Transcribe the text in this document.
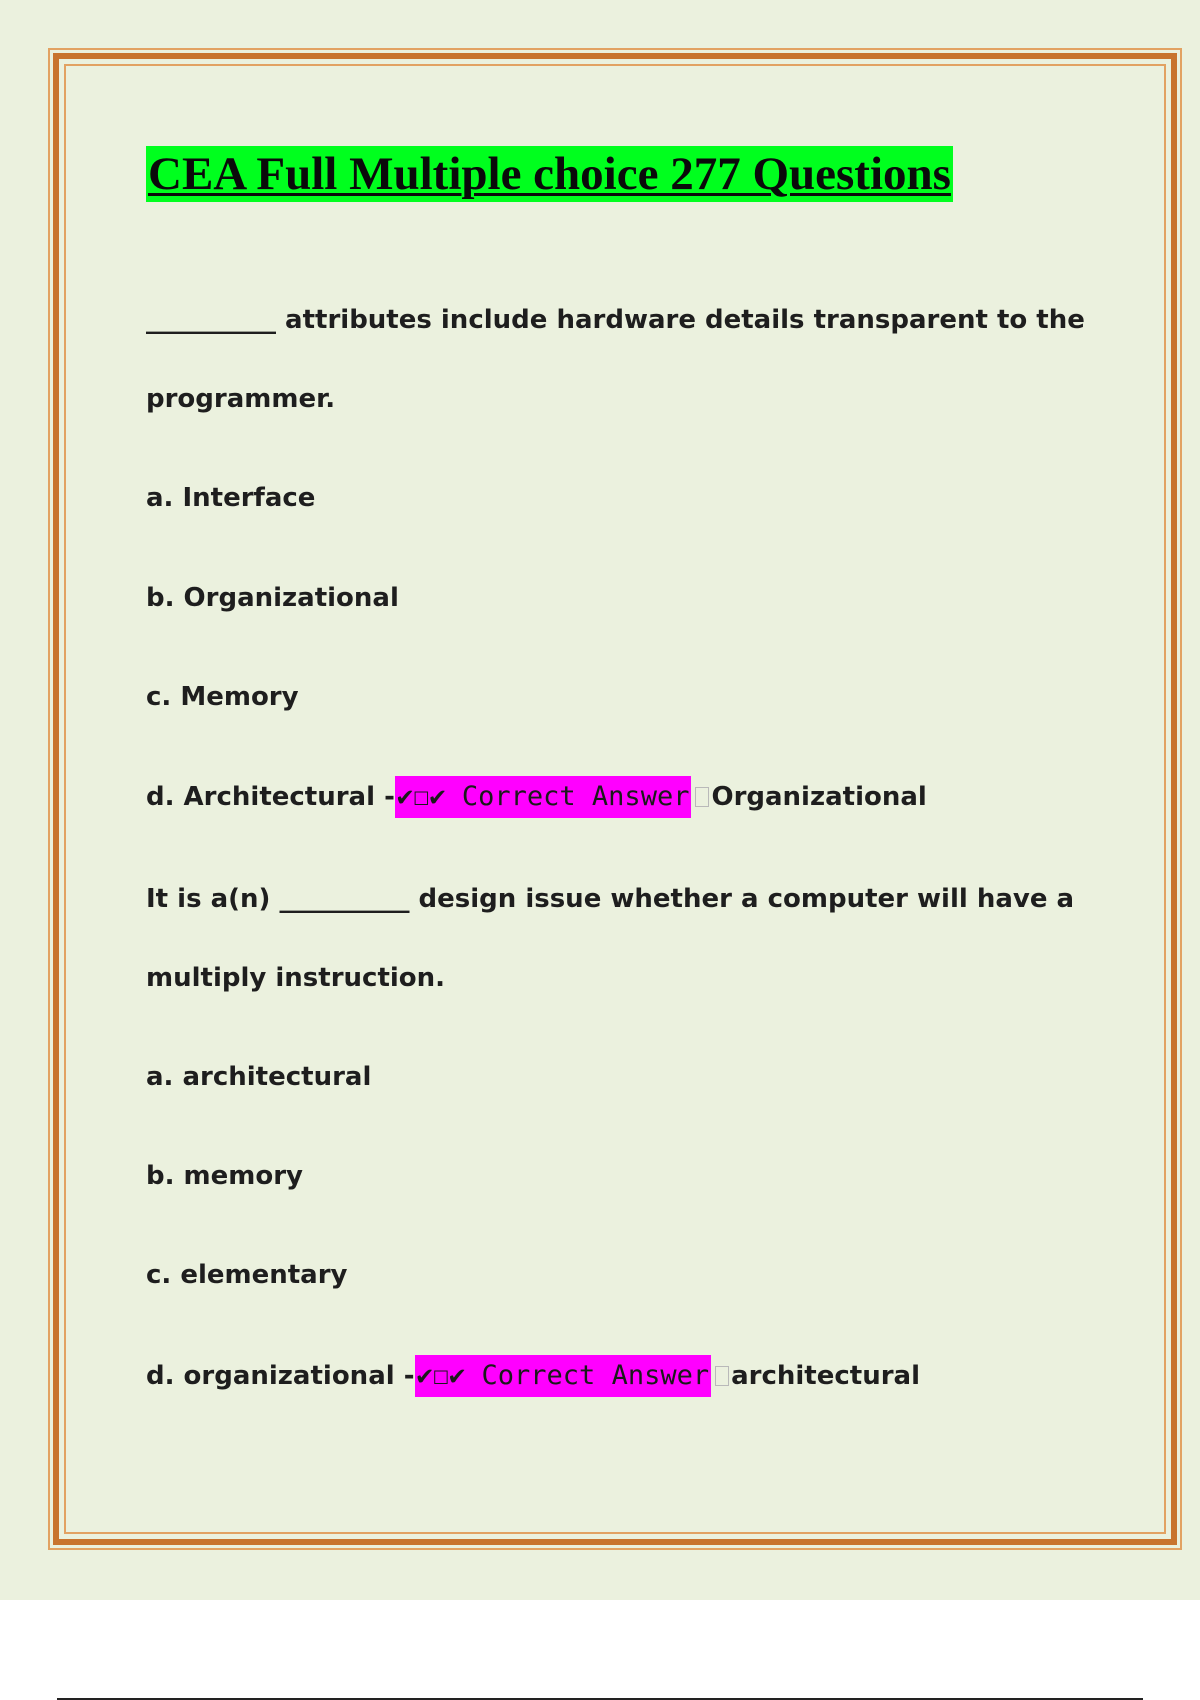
CEA Full Multiple choice 277 Questions

__________ attributes include hardware details transparent to the

programmer.

a. Interface

b. Organizational

c. Memory

d. Architectural - ✔☐✔ Correct Answer Organizational

It is a(n) __________ design issue whether a computer will have a

multiply instruction.

a. architectural

b. memory

c. elementary

d. organizational - ✔☐✔ Correct Answer architectural
